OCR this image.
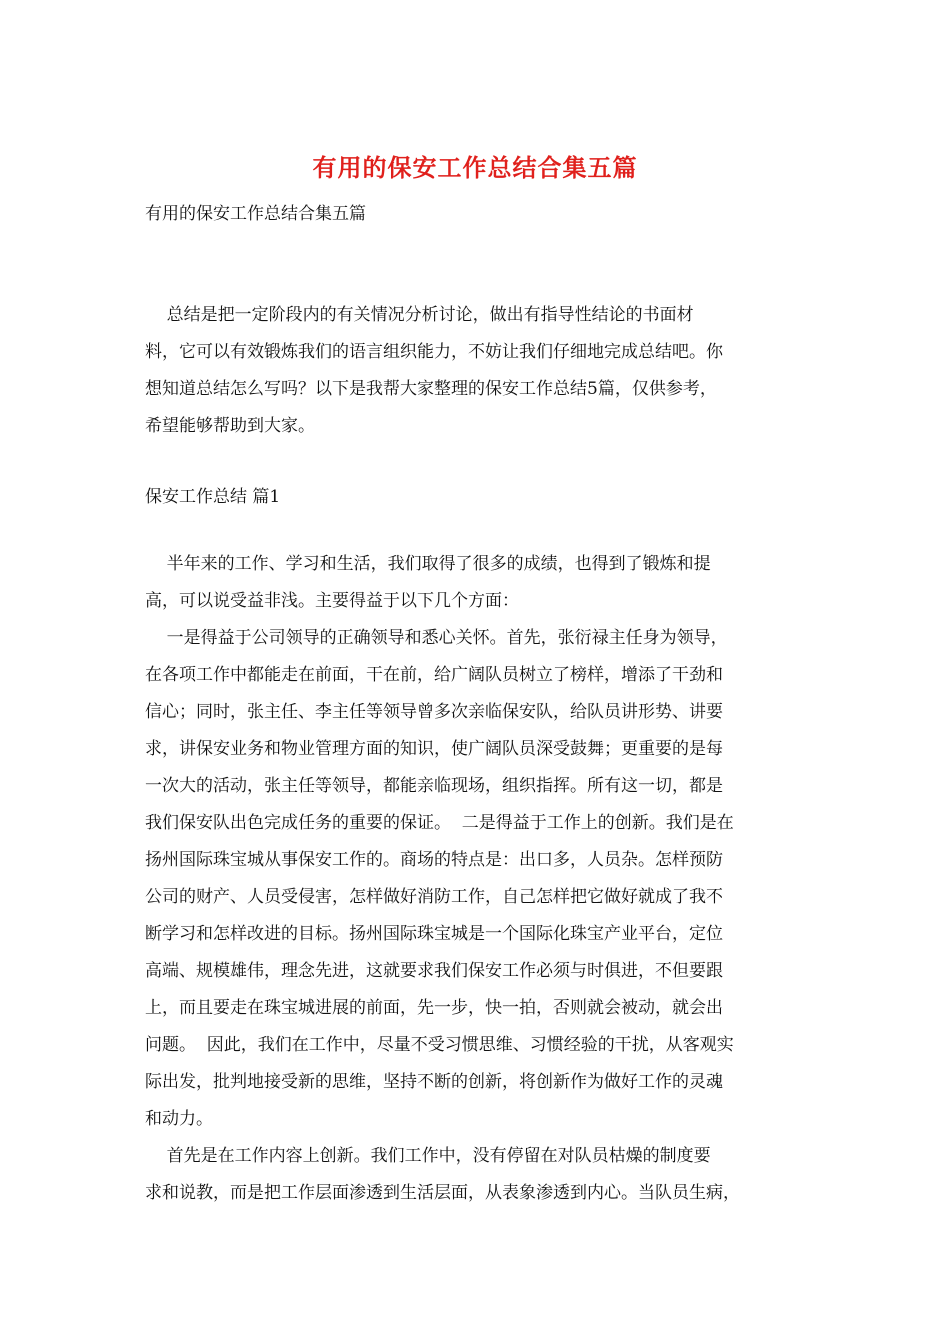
有用的保安工作总结合集五篇
有用的保安工作总结合集五篇
总结是把一定阶段内的有关情况分析讨论，做出有指导性结论的书面材
料，它可以有效锻炼我们的语言组织能力，不妨让我们仔细地完成总结吧。你
想知道总结怎么写吗？以下是我帮大家整理的保安工作总结5篇，仅供参考，
希望能够帮助到大家。
保安工作总结 篇1
半年来的工作、学习和生活，我们取得了很多的成绩，也得到了锻炼和提
高，可以说受益非浅。主要得益于以下几个方面：
一是得益于公司领导的正确领导和悉心关怀。首先，张衍禄主任身为领导，
在各项工作中都能走在前面，干在前，给广阔队员树立了榜样，增添了干劲和
信心；同时，张主任、李主任等领导曾多次亲临保安队，给队员讲形势、讲要
求，讲保安业务和物业管理方面的知识，使广阔队员深受鼓舞；更重要的是每
一次大的活动，张主任等领导，都能亲临现场，组织指挥。所有这一切，都是
我们保安队出色完成任务的重要的保证。  二是得益于工作上的创新。我们是在
扬州国际珠宝城从事保安工作的。商场的特点是：出口多，人员杂。怎样预防
公司的财产、人员受侵害，怎样做好消防工作，自己怎样把它做好就成了我不
断学习和怎样改进的目标。扬州国际珠宝城是一个国际化珠宝产业平台，定位
高端、规模雄伟，理念先进，这就要求我们保安工作必须与时俱进，不但要跟
上，而且要走在珠宝城进展的前面，先一步，快一拍，否则就会被动，就会出
问题。  因此，我们在工作中，尽量不受习惯思维、习惯经验的干扰，从客观实
际出发，批判地接受新的思维，坚持不断的创新，将创新作为做好工作的灵魂
和动力。
首先是在工作内容上创新。我们工作中，没有停留在对队员枯燥的制度要
求和说教，而是把工作层面渗透到生活层面，从表象渗透到内心。当队员生病，
